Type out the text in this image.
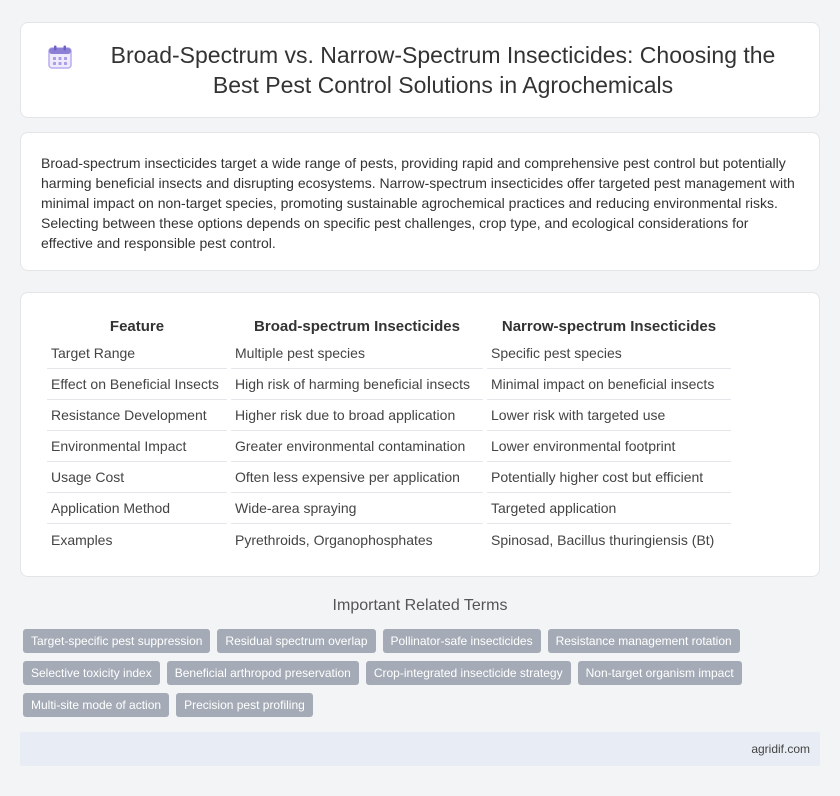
Broad-Spectrum vs. Narrow-Spectrum Insecticides: Choosing the Best Pest Control Solutions in Agrochemicals

Broad-spectrum insecticides target a wide range of pests, providing rapid and comprehensive pest control but potentially harming beneficial insects and disrupting ecosystems. Narrow-spectrum insecticides offer targeted pest management with minimal impact on non-target species, promoting sustainable agrochemical practices and reducing environmental risks. Selecting between these options depends on specific pest challenges, crop type, and ecological considerations for effective and responsible pest control.

Feature	Broad-spectrum Insecticides	Narrow-spectrum Insecticides
Target Range	Multiple pest species	Specific pest species
Effect on Beneficial Insects	High risk of harming beneficial insects	Minimal impact on beneficial insects
Resistance Development	Higher risk due to broad application	Lower risk with targeted use
Environmental Impact	Greater environmental contamination	Lower environmental footprint
Usage Cost	Often less expensive per application	Potentially higher cost but efficient
Application Method	Wide-area spraying	Targeted application
Examples	Pyrethroids, Organophosphates	Spinosad, Bacillus thuringiensis (Bt)
Important Related Terms
Target-specific pest suppression	Residual spectrum overlap	Pollinator-safe insecticides	Resistance management rotation
Selective toxicity index	Beneficial arthropod preservation	Crop-integrated insecticide strategy	Non-target organism impact
Multi-site mode of action	Precision pest profiling
agridif.com
